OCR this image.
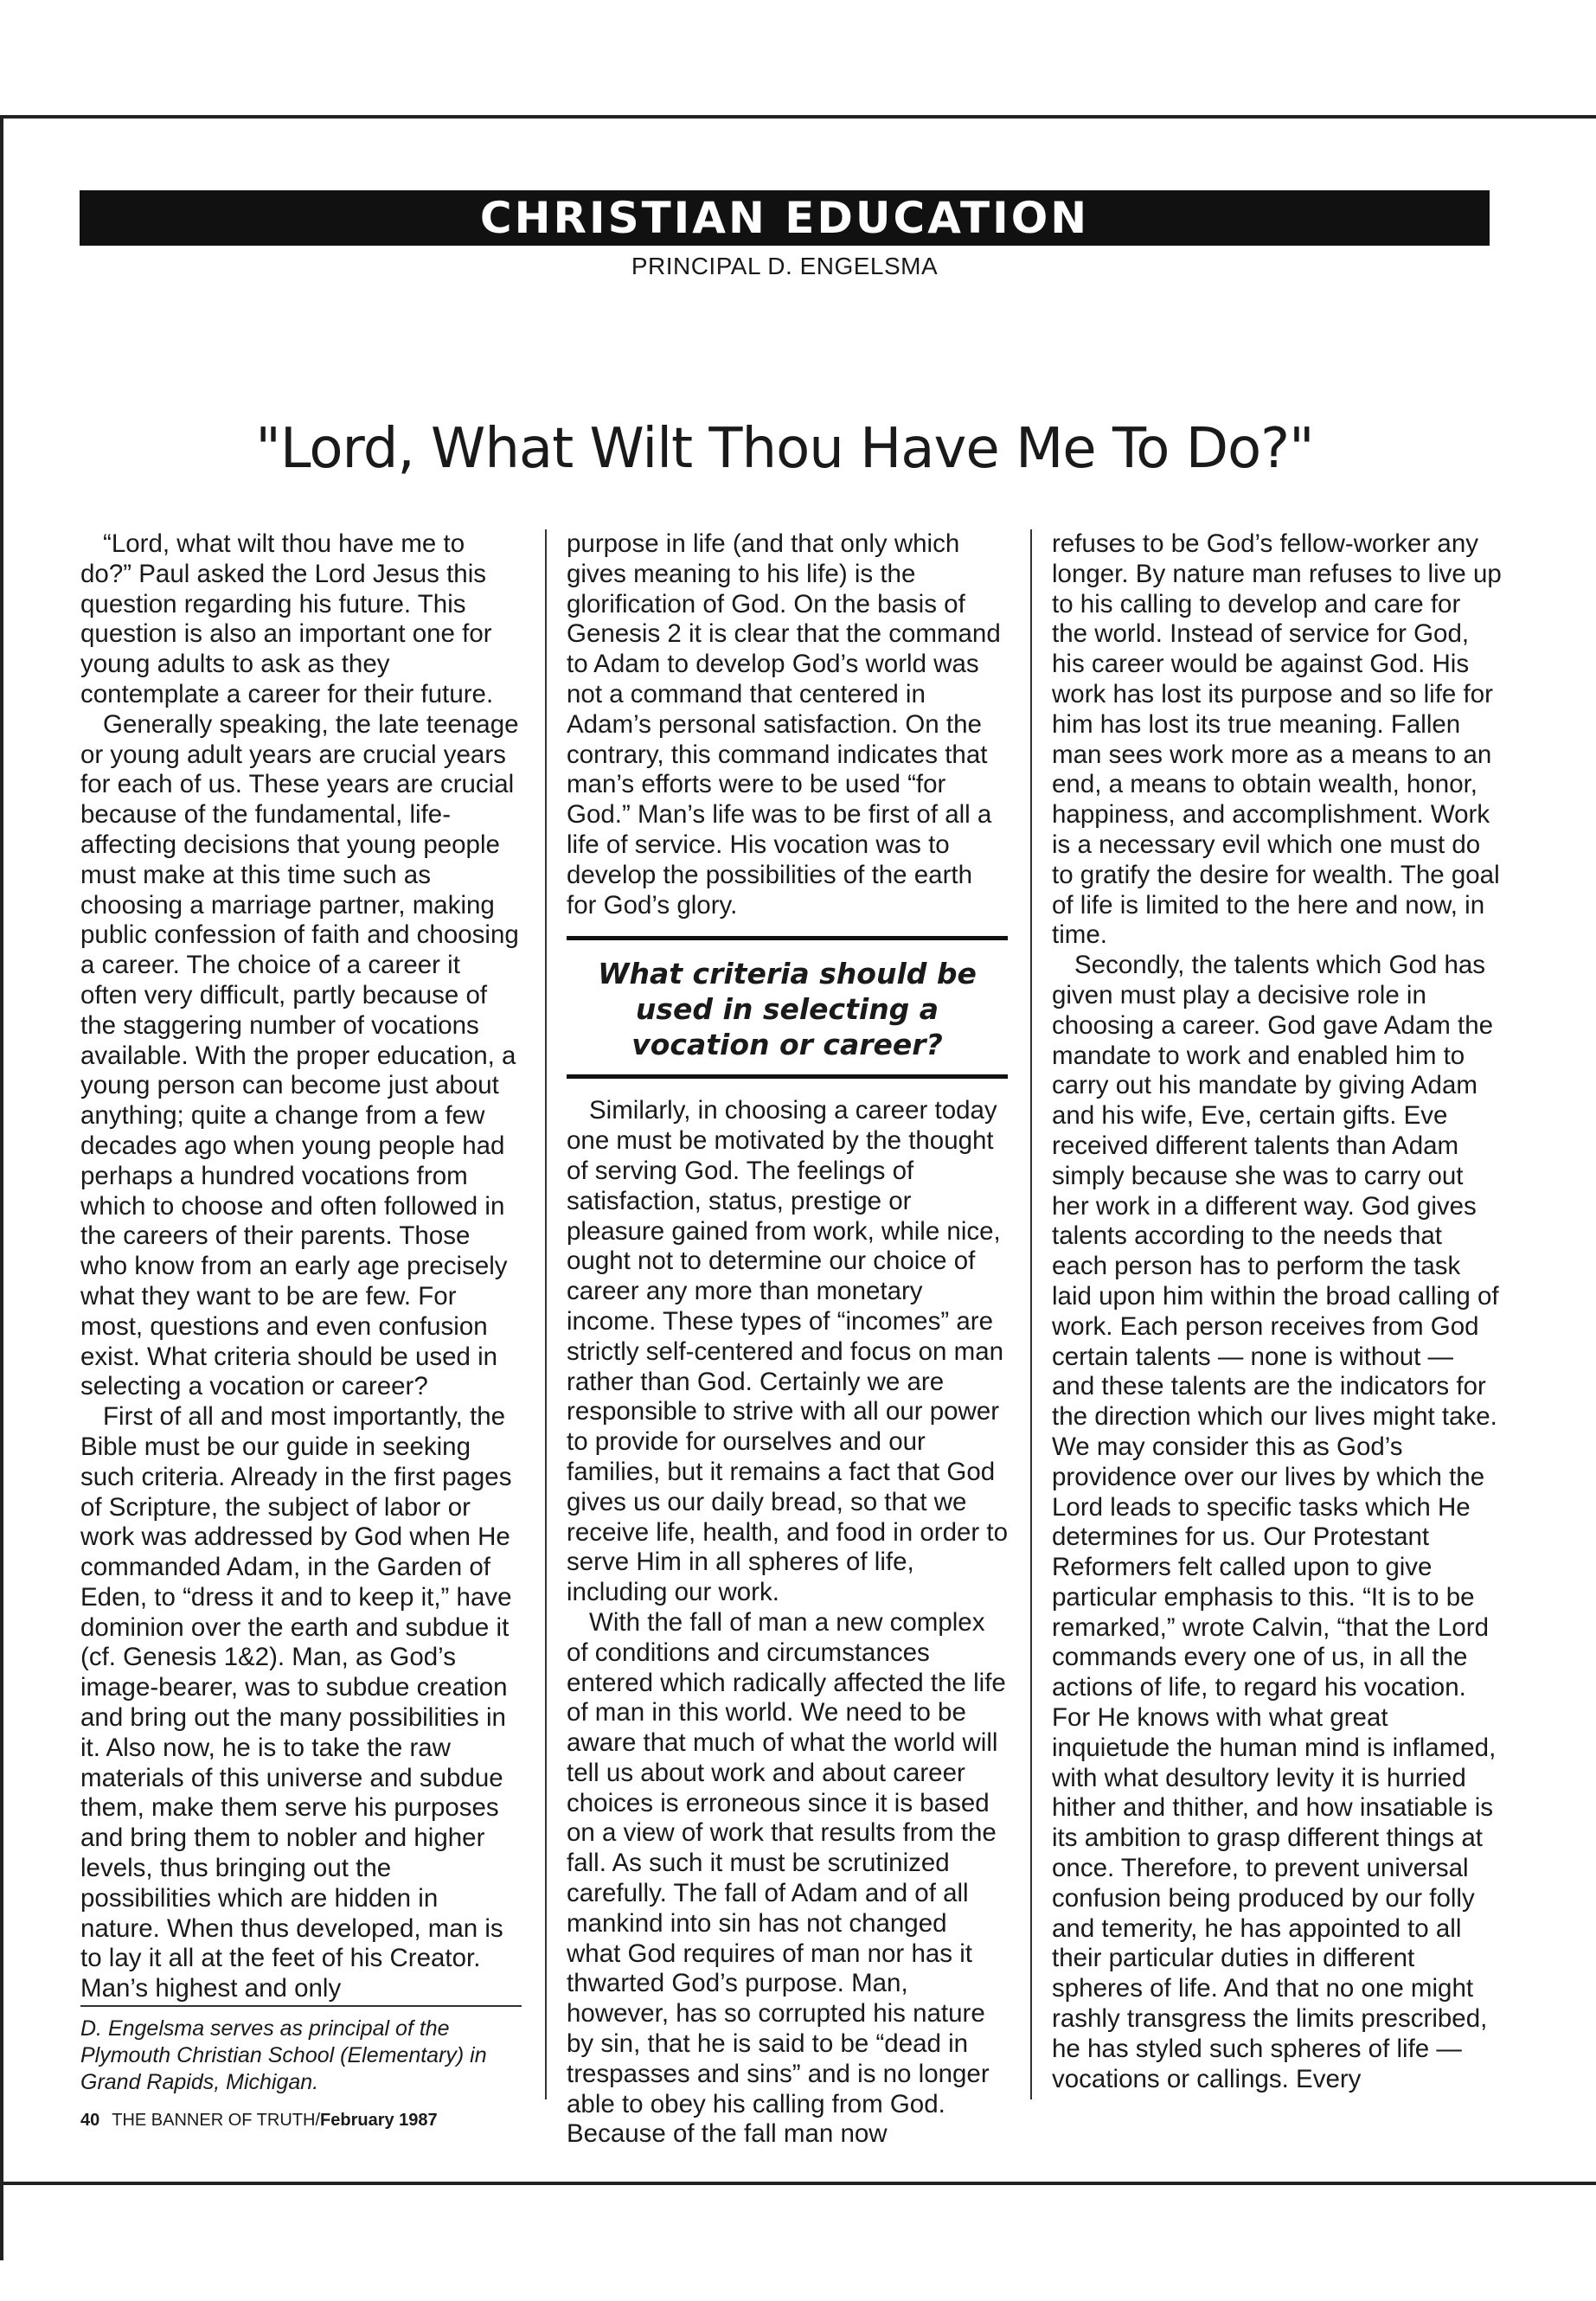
CHRISTIAN EDUCATION
PRINCIPAL D. ENGELSMA
"Lord, What Wilt Thou Have Me To Do?"

“Lord, what wilt thou have me to do?” Paul asked the Lord Jesus this question regarding his future. This question is also an important one for young adults to ask as they contemplate a career for their future.

Generally speaking, the late teenage or young adult years are crucial years for each of us. These years are crucial because of the fundamental, life-affecting decisions that young people must make at this time such as choosing a marriage partner, making public confession of faith and choosing a career. The choice of a career it often very difficult, partly because of the staggering number of vocations available. With the proper education, a young person can become just about anything; quite a change from a few decades ago when young people had perhaps a hundred vocations from which to choose and often followed in the careers of their parents. Those who know from an early age precisely what they want to be are few. For most, questions and even confusion exist. What criteria should be used in selecting a vocation or career?

First of all and most importantly, the Bible must be our guide in seeking such criteria. Already in the first pages of Scripture, the subject of labor or work was addressed by God when He commanded Adam, in the Garden of Eden, to “dress it and to keep it,” have dominion over the earth and subdue it (cf. Genesis 1&2). Man, as God’s image-bearer, was to subdue creation and bring out the many possibilities in it. Also now, he is to take the raw materials of this universe and subdue them, make them serve his purposes and bring them to nobler and higher levels, thus bringing out the possibilities which are hidden in nature. When thus developed, man is to lay it all at the feet of his Creator. Man’s highest and only

purpose in life (and that only which gives meaning to his life) is the glorification of God. On the basis of Genesis 2 it is clear that the command to Adam to develop God’s world was not a command that centered in Adam’s personal satisfaction. On the contrary, this command indicates that man’s efforts were to be used “for God.” Man’s life was to be first of all a life of service. His vocation was to develop the possibilities of the earth for God’s glory.

What criteria should be used in selecting a vocation or career?

Similarly, in choosing a career today one must be motivated by the thought of serving God. The feelings of satisfaction, status, prestige or pleasure gained from work, while nice, ought not to determine our choice of career any more than monetary income. These types of “incomes” are strictly self-centered and focus on man rather than God. Certainly we are responsible to strive with all our power to provide for ourselves and our families, but it remains a fact that God gives us our daily bread, so that we receive life, health, and food in order to serve Him in all spheres of life, including our work.

With the fall of man a new complex of conditions and circumstances entered which radically affected the life of man in this world. We need to be aware that much of what the world will tell us about work and about career choices is erroneous since it is based on a view of work that results from the fall. As such it must be scrutinized carefully. The fall of Adam and of all mankind into sin has not changed what God requires of man nor has it thwarted God’s purpose. Man, however, has so corrupted his nature by sin, that he is said to be “dead in trespasses and sins” and is no longer able to obey his calling from God. Because of the fall man now

refuses to be God’s fellow-worker any longer. By nature man refuses to live up to his calling to develop and care for the world. Instead of service for God, his career would be against God. His work has lost its purpose and so life for him has lost its true meaning. Fallen man sees work more as a means to an end, a means to obtain wealth, honor, happiness, and accomplishment. Work is a necessary evil which one must do to gratify the desire for wealth. The goal of life is limited to the here and now, in time.

Secondly, the talents which God has given must play a decisive role in choosing a career. God gave Adam the mandate to work and enabled him to carry out his mandate by giving Adam and his wife, Eve, certain gifts. Eve received different talents than Adam simply because she was to carry out her work in a different way. God gives talents according to the needs that each person has to perform the task laid upon him within the broad calling of work. Each person receives from God certain talents — none is without — and these talents are the indicators for the direction which our lives might take. We may consider this as God’s providence over our lives by which the Lord leads to specific tasks which He determines for us. Our Protestant Reformers felt called upon to give particular emphasis to this. “It is to be remarked,” wrote Calvin, “that the Lord commands every one of us, in all the actions of life, to regard his vocation. For He knows with what great inquietude the human mind is inflamed, with what desultory levity it is hurried hither and thither, and how insatiable is its ambition to grasp different things at once. Therefore, to prevent universal confusion being produced by our folly and temerity, he has appointed to all their particular duties in different spheres of life. And that no one might rashly transgress the limits prescribed, he has styled such spheres of life — vocations or callings. Every

D. Engelsma serves as principal of the Plymouth Christian School (Elementary) in Grand Rapids, Michigan.
40 THE BANNER OF TRUTH/February 1987
